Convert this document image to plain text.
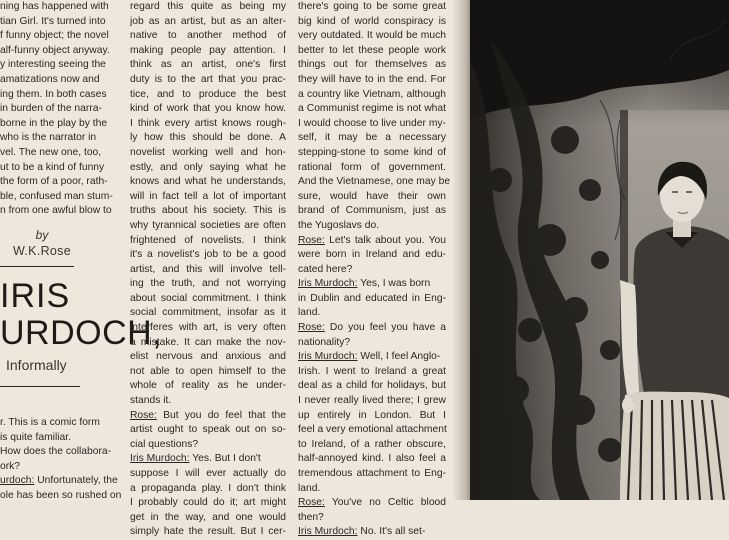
ning has happened with
tian Girl. It's turned into
f funny object; the novel
alf-funny object anyway.
y interesting seeing the
amatizations now and
ing them. In both cases
in burden of the narra-
borne in the play by the
who is the narrator in
vel. The new one, too,
ut to be a kind of funny
the form of a poor, rath-
ble, confused man stum-
n from one awful blow to
by
W.K.Rose
IRIS
URDOCH,
Informally
r. This is a comic form
is quite familiar.
How does the collabora-
ork?
urdoch: Unfortunately, the
ole has been so rushed on
regard this quite as being my
job as an artist, but as an alter-
native to another method of
making people pay attention. I
think as an artist, one's first
duty is to the art that you prac-
tice, and to produce the best
kind of work that you know how.
I think every artist knows rough-
ly how this should be done. A
novelist working well and hon-
estly, and only saying what he
knows and what he understands,
will in fact tell a lot of important
truths about his society. This is
why tyrannical societies are often
frightened of novelists. I think
it's a novelist's job to be a good
artist, and this will involve tell-
ing the truth, and not worrying
about social commitment. I think
social commitment, insofar as it
interferes with art, is very often
a mistake. It can make the nov-
elist nervous and anxious and
not able to open himself to the
whole of reality as he under-
stands it.
Rose: But you do feel that the
artist ought to speak out on so-
cial questions?
Iris Murdoch: Yes. But I don't
suppose I will ever actually do
a propaganda play. I don't think
I probably could do it; art might
get in the way, and one would
simply hate the result. But I cer-
there's going to be some great
big kind of world conspiracy is
very outdated. It would be much
better to let these people work
things out for themselves as
they will have to in the end. For
a country like Vietnam, although
a Communist regime is not what
I would choose to live under my-
self, it may be a necessary
stepping-stone to some kind of
rational form of government.
And the Vietnamese, one may be
sure, would have their own
brand of Communism, just as
the Yugoslavs do.
Rose: Let's talk about you. You
were born in Ireland and edu-
cated here?
Iris Murdoch: Yes, I was born
in Dublin and educated in Eng-
land.
Rose: Do you feel you have a
nationality?
Iris Murdoch: Well, I feel Anglo-
Irish. I went to Ireland a great
deal as a child for holidays, but
I never really lived there; I grew
up entirely in London. But I
feel a very emotional attachment
to Ireland, of a rather obscure,
half-annoyed kind. I also feel a
tremendous attachment to Eng-
land.
Rose: You've no Celtic blood
then?
Iris Murdoch: No. It's all set-
